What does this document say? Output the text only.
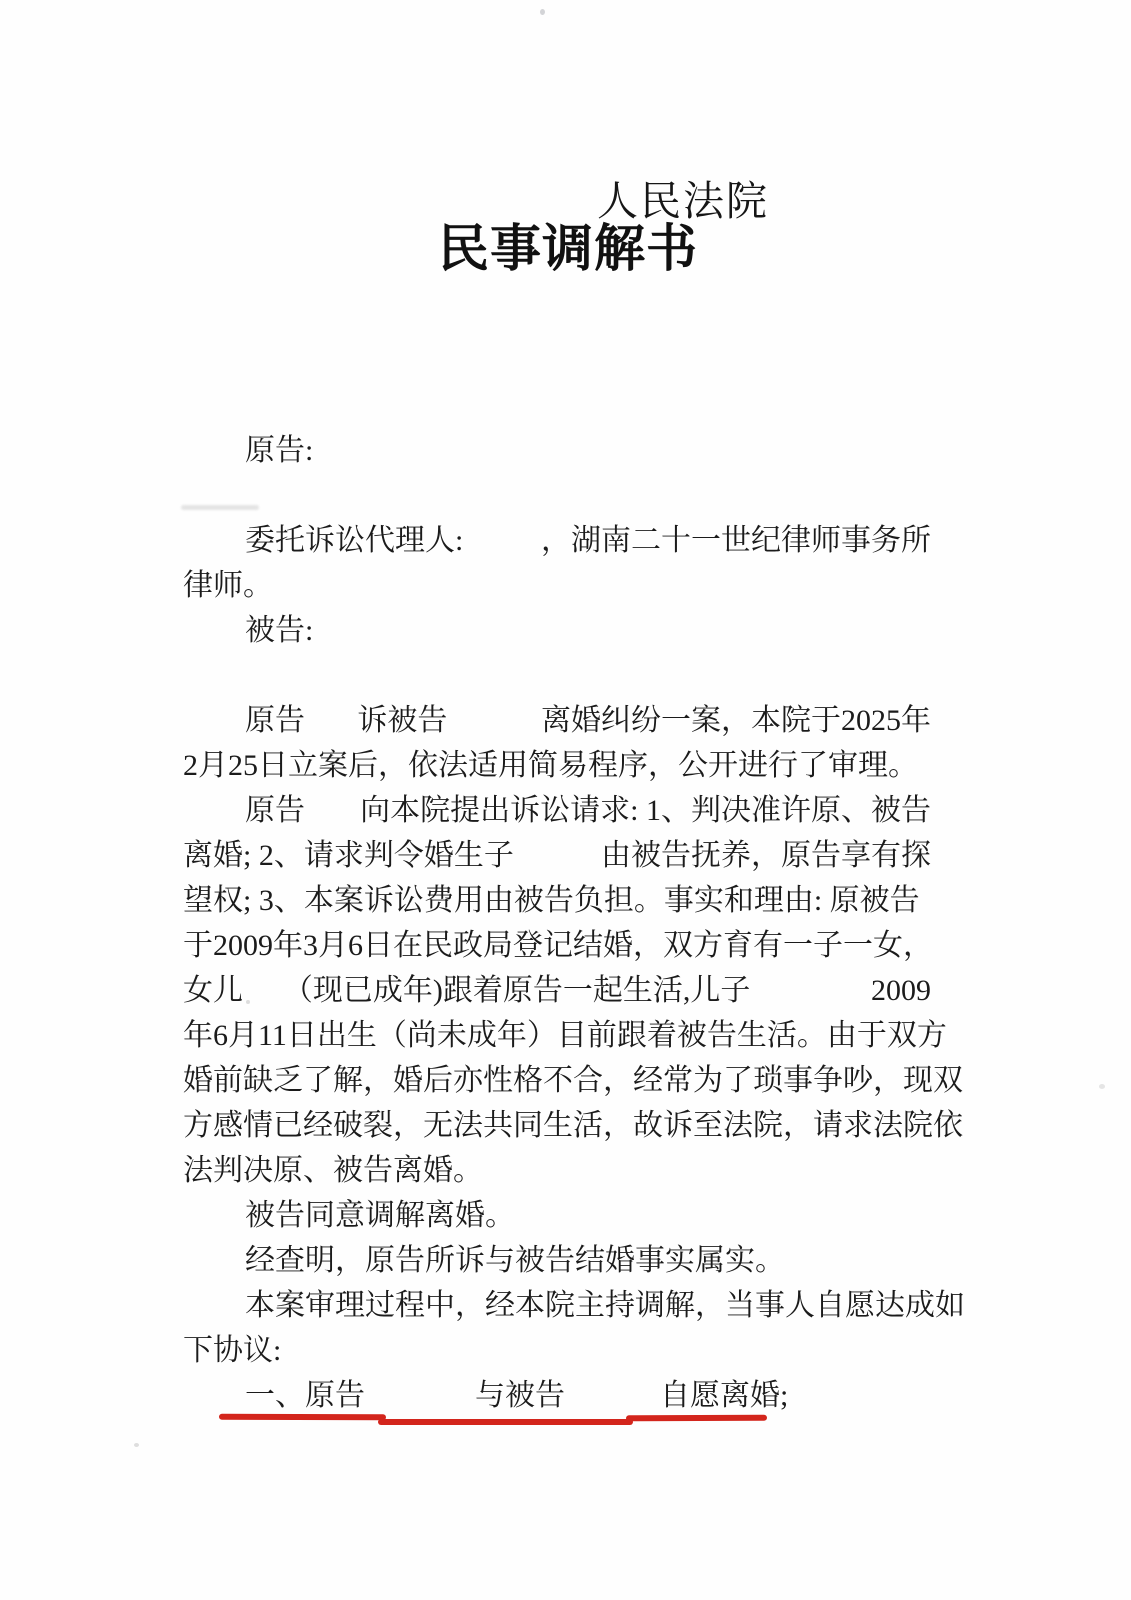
人民法院
民事调解书
原告:
委托诉讼代理人:	，湖南二十一世纪律师事务所
律师。
被告:
原告 诉被告	离婚纠纷一案，本院于2025年
2月25日立案后，依法适用简易程序，公开进行了审理。
原告 向本院提出诉讼请求: 1、判决准许原、被告
离婚; 2、请求判令婚生子	由被告抚养，原告享有探
望权; 3、本案诉讼费用由被告负担。事实和理由: 原被告
于2009年3月6日在 民政局登记结婚，双方育有一子一女，
女儿 （现已成年)跟着原告一起生活,儿子	2009
年6月11日出生（尚未成年）目前跟着被告生活。由于双方
婚前缺乏了解，婚后亦性格不合，经常为了琐事争吵，现双
方感情已经破裂，无法共同生活，故诉至法院，请求法院依
法判决原、被告离婚。
被告同意调解离婚。
经查明，原告所诉与被告结婚事实属实。
本案审理过程中，经本院主持调解，当事人自愿达成如
下协议:
一、原告	与被告	自愿离婚;
